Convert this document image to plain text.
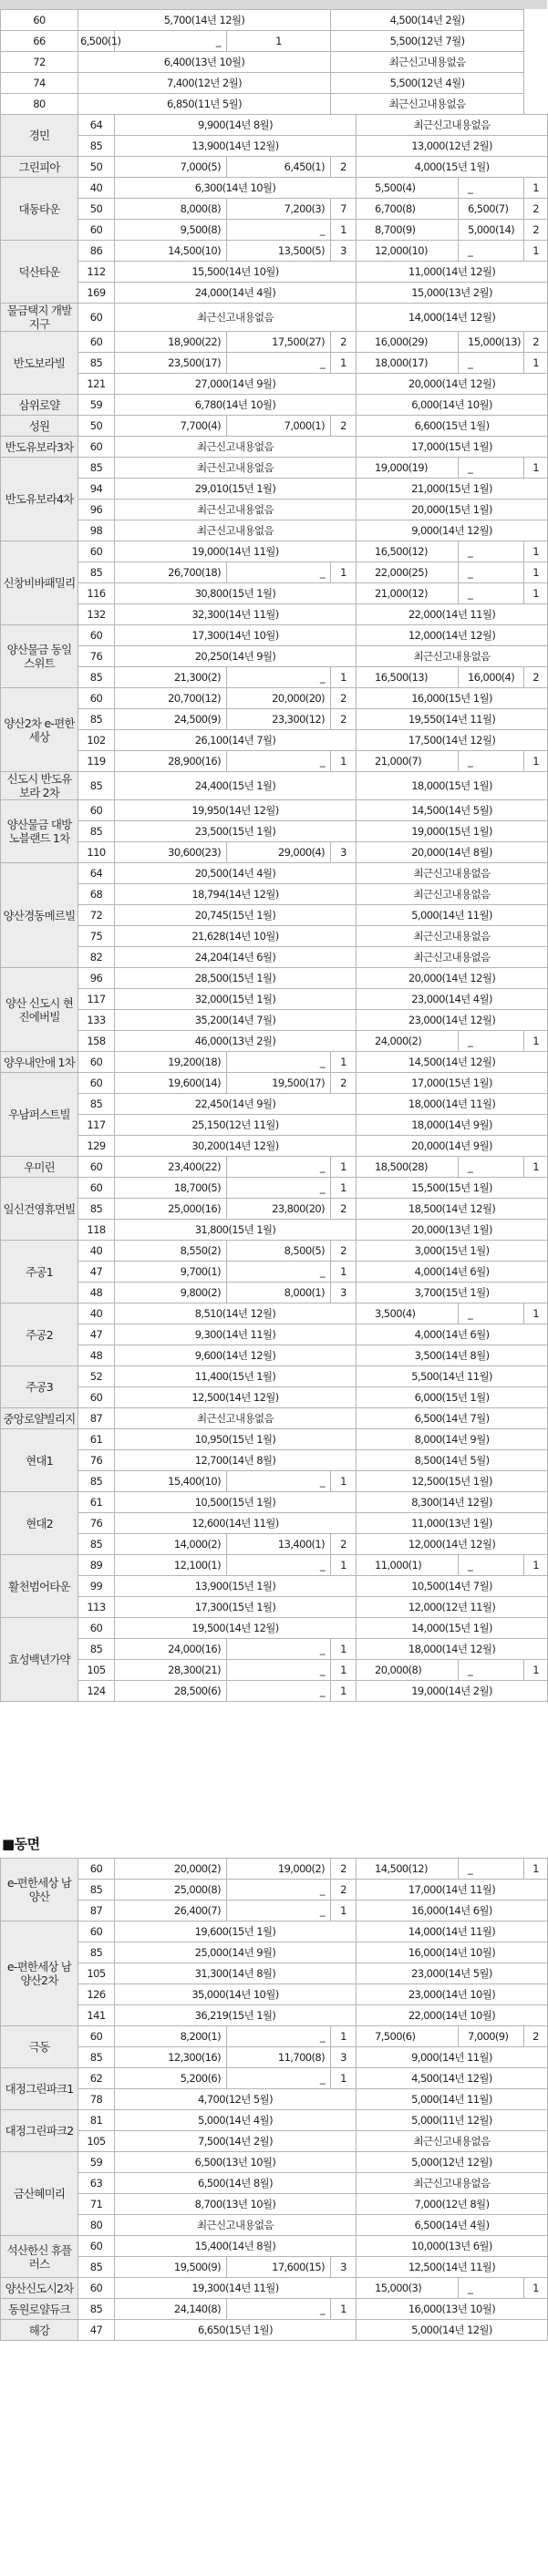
60	5,700(14년 12월)			4,500(14년 2월)			
66	6,500(1)	_	1	5,500(12년 7월)			
72	6,400(13년 10월)			최근신고내용없음			
74	7,400(12년 2월)			5,500(12년 4월)			
80	6,850(11년 5월)			최근신고내용없음			
경민	64	9,900(14년 8월)			최근신고내용없음		
	85	13,900(14년 12월)			13,000(12년 2월)		
그린피아	50	7,000(5)	6,450(1)	2	4,000(15년 1월)		
대동타운	40	6,300(14년 10월)			5,500(4)	_	1
	50	8,000(8)	7,200(3)	7	6,700(8)	6,500(7)	2
	60	9,500(8)	_	1	8,700(9)	5,000(14)	2
덕산타운	86	14,500(10)	13,500(5)	3	12,000(10)	_	1
	112	15,500(14년 10월)			11,000(14년 12월)		
	169	24,000(14년 4월)			15,000(13년 2월)		
물금택지 개발지구	60	최근신고내용없음			14,000(14년 12월)		
반도보라빌	60	18,900(22)	17,500(27)	2	16,000(29)	15,000(13)	2
	85	23,500(17)	_	1	18,000(17)	_	1
	121	27,000(14년 9월)			20,000(14년 12월)		
삼위로얄	59	6,780(14년 10월)			6,000(14년 10월)		
성원	50	7,700(4)	7,000(1)	2	6,600(15년 1월)		
반도유보라3차	60	최근신고내용없음			17,000(15년 1월)		
반도유보라4차	85	최근신고내용없음			19,000(19)	_	1
	94	29,010(15년 1월)			21,000(15년 1월)		
	96	최근신고내용없음			20,000(15년 1월)		
	98	최근신고내용없음			9,000(14년 12월)		
신창비바패밀리	60	19,000(14년 11월)			16,500(12)	_	1
	85	26,700(18)	_	1	22,000(25)	_	1
	116	30,800(15년 1월)			21,000(12)	_	1
	132	32,300(14년 11월)			22,000(14년 11월)		
양산물금 동일스위트	60	17,300(14년 10월)			12,000(14년 12월)		
	76	20,250(14년 9월)			최근신고내용없음		
	85	21,300(2)	_	1	16,500(13)	16,000(4)	2
양산2차 e-편한 세상	60	20,700(12)	20,000(20)	2	16,000(15년 1월)		
	85	24,500(9)	23,300(12)	2	19,550(14년 11월)		
	102	26,100(14년 7월)			17,500(14년 12월)		
	119	28,900(16)	_	1	21,000(7)	_	1
신도시 반도유 보라 2차	85	24,400(15년 1월)			18,000(15년 1월)		
양산물금 대방 노블랜드 1차	60	19,950(14년 12월)			14,500(14년 5월)		
	85	23,500(15년 1월)			19,000(15년 1월)		
	110	30,600(23)	29,000(4)	3	20,000(14년 8월)		
양산경동메르빌	64	20,500(14년 4월)			최근신고내용없음		
	68	18,794(14년 12월)			최근신고내용없음		
	72	20,745(15년 1월)			5,000(14년 11월)		
	75	21,628(14년 10월)			최근신고내용없음		
	82	24,204(14년 6월)			최근신고내용없음		
양산 신도시 현진에버빌	96	28,500(15년 1월)			20,000(14년 12월)		
	117	32,000(15년 1월)			23,000(14년 4월)		
	133	35,200(14년 7월)			23,000(14년 12월)		
	158	46,000(13년 2월)			24,000(2)	_	1
양우내안애 1차	60	19,200(18)	_	1	14,500(14년 12월)		
우남퍼스트빌	60	19,600(14)	19,500(17)	2	17,000(15년 1월)		
	85	22,450(14년 9월)			18,000(14년 11월)		
	117	25,150(12년 11월)			18,000(14년 9월)		
	129	30,200(14년 12월)			20,000(14년 9월)		
우미린	60	23,400(22)	_	1	18,500(28)	_	1
일신건영휴먼빌	60	18,700(5)	_	1	15,500(15년 1월)		
	85	25,000(16)	23,800(20)	2	18,500(14년 12월)		
	118	31,800(15년 1월)			20,000(13년 1월)		
주공1	40	8,550(2)	8,500(5)	2	3,000(15년 1월)		
	47	9,700(1)	_	1	4,000(14년 6월)		
	48	9,800(2)	8,000(1)	3	3,700(15년 1월)		
주공2	40	8,510(14년 12월)			3,500(4)	_	1
	47	9,300(14년 11월)			4,000(14년 6월)		
	48	9,600(14년 12월)			3,500(14년 8월)		
주공3	52	11,400(15년 1월)			5,500(14년 11월)		
	60	12,500(14년 12월)			6,000(15년 1월)		
중앙로얄빌리지	87	최근신고내용없음			6,500(14년 7월)		
현대1	61	10,950(15년 1월)			8,000(14년 9월)		
	76	12,700(14년 8월)			8,500(14년 5월)		
	85	15,400(10)	_	1	12,500(15년 1월)		
현대2	61	10,500(15년 1월)			8,300(14년 12월)		
	76	12,600(14년 11월)			11,000(13년 1월)		
	85	14,000(2)	13,400(1)	2	12,000(14년 12월)		
활천범어타운	89	12,100(1)	_	1	11,000(1)	_	1
	99	13,900(15년 1월)			10,500(14년 7월)		
	113	17,300(15년 1월)			12,000(12년 11월)		
효성백년가약	60	19,500(14년 12월)			14,000(15년 1월)		
	85	24,000(16)	_	1	18,000(14년 12월)		
	105	28,300(21)	_	1	20,000(8)	_	1
	124	28,500(6)	_	1	19,000(14년 2월)		
■동면
e-편한세상 남양산	60	20,000(2)	19,000(2)	2	14,500(12)	_	1
	85	25,000(8)	_	2	17,000(14년 11월)		
	87	26,400(7)	_	1	16,000(14년 6월)		
e-편한세상 남양산2차	60	19,600(15년 1월)			14,000(14년 11월)		
	85	25,000(14년 9월)			16,000(14년 10월)		
	105	31,300(14년 8월)			23,000(14년 5월)		
	126	35,000(14년 10월)			23,000(14년 10월)		
	141	36,219(15년 1월)			22,000(14년 10월)		
극동	60	8,200(1)	_	1	7,500(6)	7,000(9)	2
	85	12,300(16)	11,700(8)	3	9,000(14년 11월)		
대정그린파크1	62	5,200(6)	_	1	4,500(14년 12월)		
	78	4,700(12년 5월)			5,000(14년 11월)		
대정그린파크2	81	5,000(14년 4월)			5,000(11년 12월)		
	105	7,500(14년 2월)			최근신고내용없음		
금산혜미리	59	6,500(13년 10월)			5,000(12년 12월)		
	63	6,500(14년 8월)			최근신고내용없음		
	71	8,700(13년 10월)			7,000(12년 8월)		
	80	최근신고내용없음			6,500(14년 4월)		
석산한신 휴플러스	60	15,400(14년 8월)			10,000(13년 6월)		
	85	19,500(9)	17,600(15)	3	12,500(14년 11월)		
양산신도시2차	60	19,300(14년 11월)			15,000(3)	_	1
동원로얄듀크	85	24,140(8)	_	1	16,000(13년 10월)		
해강	47	6,650(15년 1월)			5,000(14년 12월)		
